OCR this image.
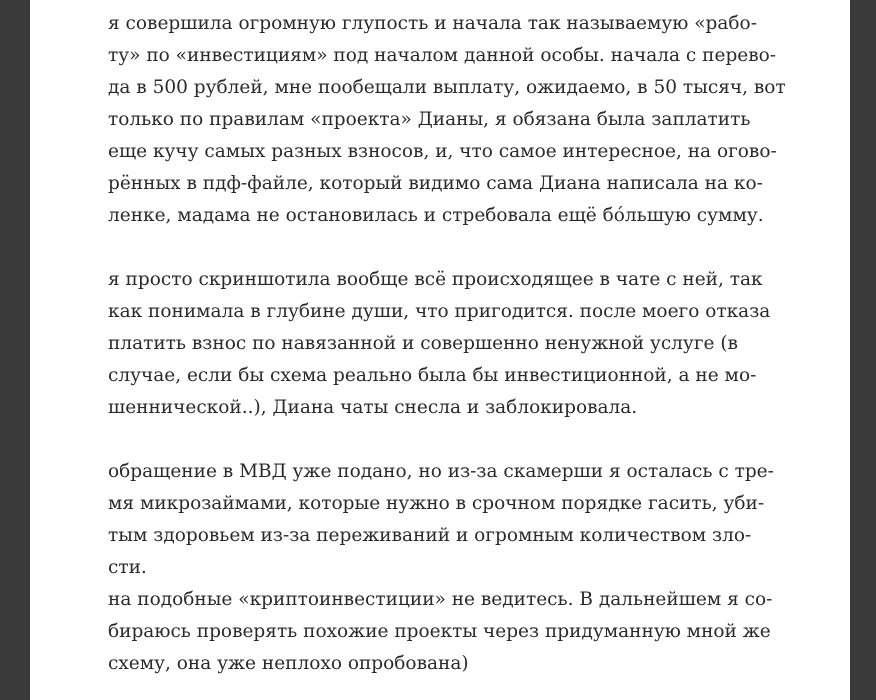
я совершила огромную глупость и начала так называемую «рабо-
ту» по «инвестициям» под началом данной особы. начала с перево-
да в 500 рублей, мне пообещали выплату, ожидаемо, в 50 тысяч, вот
только по правилам «проекта» Дианы, я обязана была заплатить
еще кучу самых разных взносов, и, что самое интересное, на огово-
рённых в пдф-файле, который видимо сама Диана написала на ко-
ленке, мадама не остановилась и стребовала ещё бо́льшую сумму.
я просто скриншотила вообще всё происходящее в чате с ней, так
как понимала в глубине души, что пригодится. после моего отказа
платить взнос по навязанной и совершенно ненужной услуге (в
случае, если бы схема реально была бы инвестиционной, а не мо-
шеннической..), Диана чаты снесла и заблокировала.
обращение в МВД уже подано, но из-за скамерши я осталась с тре-
мя микрозаймами, которые нужно в срочном порядке гасить, уби-
тым здоровьем из-за переживаний и огромным количеством зло-
сти.
на подобные «криптоинвестиции» не ведитесь. В дальнейшем я со-
бираюсь проверять похожие проекты через придуманную мной же
схему, она уже неплохо опробована)
